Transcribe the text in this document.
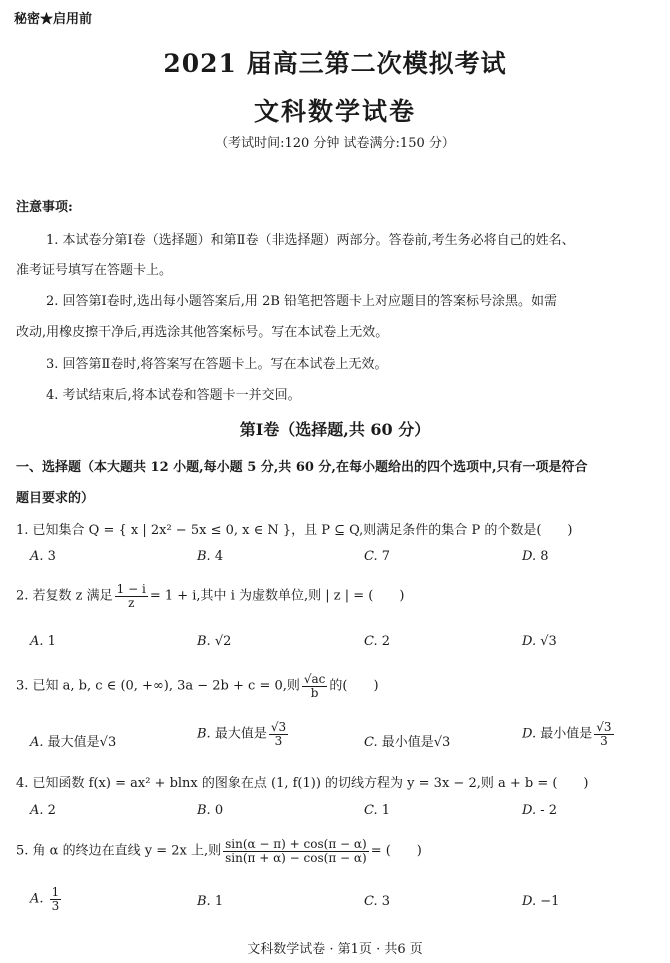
秘密★启用前
2021 届高三第二次模拟考试
文科数学试卷
（考试时间:120 分钟 试卷满分:150 分）
注意事项:
1. 本试卷分第Ⅰ卷（选择题）和第Ⅱ卷（非选择题）两部分。答卷前,考生务必将自己的姓名、
准考证号填写在答题卡上。
2. 回答第Ⅰ卷时,选出每小题答案后,用 2B 铅笔把答题卡上对应题目的答案标号涂黑。如需
改动,用橡皮擦干净后,再选涂其他答案标号。写在本试卷上无效。
3. 回答第Ⅱ卷时,将答案写在答题卡上。写在本试卷上无效。
4. 考试结束后,将本试卷和答题卡一并交回。
第Ⅰ卷（选择题,共 60 分）
一、选择题（本大题共 12 小题,每小题 5 分,共 60 分,在每小题给出的四个选项中,只有一项是符合
题目要求的）
1. 已知集合 Q = { x | 2x² − 5x ≤ 0, x ∈ N }，且 P ⊆ Q,则满足条件的集合 P 的个数是(　　)
A. 3	B. 4	C. 7	D. 8
2. 若复数 z 满足 $\frac{1 - i}{z} = 1 + i$,其中 i 为虚数单位,则 | z | = (　　)
A. 1	B. √2	C. 2	D. √3
3. 已知 a, b, c ∈ (0, +∞), 3a − 2b + c = 0,则 $\frac{√ac}{b}$ 的(　　)
A. 最大值是√3
B. 最大值是 $\frac{√3}{3}$	C. 最小值是√3
D. 最小值是 $\frac{√3}{3}$
4. 已知函数 f(x) = ax² + blnx 的图象在点 (1, f(1)) 的切线方程为 y = 3x − 2,则 a + b = (　　)
A. 2	B. 0	C. 1	D. - 2
5. 角 α 的终边在直线 y = 2x 上,则 $\frac{\sin(\alpha - \pi) + \cos(\pi - \alpha)}{\sin(\pi + \alpha) - \cos(\pi - \alpha)}$ = (　　)
A. $\frac{1}{3}$	B. 1	C. 3	D. −1
文科数学试卷 · 第1页 · 共6 页
